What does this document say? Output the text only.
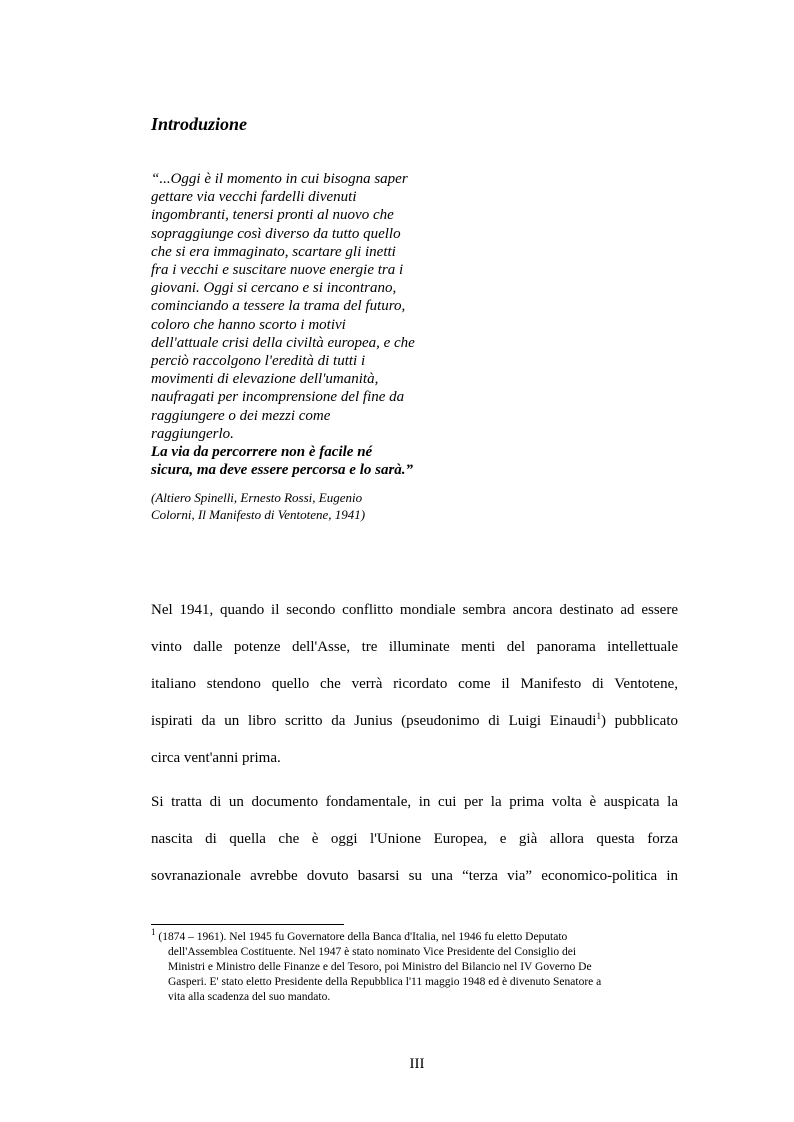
Introduzione
“...Oggi è il momento in cui bisogna saper
gettare via vecchi fardelli divenuti
ingombranti, tenersi pronti al nuovo che
sopraggiunge così diverso da tutto quello
che si era immaginato, scartare gli inetti
fra i vecchi e suscitare nuove energie tra i
giovani. Oggi si cercano e si incontrano,
cominciando a tessere la trama del futuro,
coloro che hanno scorto i motivi
dell'attuale crisi della civiltà europea, e che
perciò raccolgono l'eredità di tutti i
movimenti di elevazione dell'umanità,
naufragati per incomprensione del fine da
raggiungere o dei mezzi come
raggiungerlo.
La via da percorrere non è facile né
sicura, ma deve essere percorsa e lo sarà.”
(Altiero Spinelli, Ernesto Rossi, Eugenio
Colorni, Il Manifesto di Ventotene, 1941)
Nel 1941, quando il secondo conflitto mondiale sembra ancora destinato ad essere
vinto dalle potenze dell'Asse, tre illuminate menti del panorama intellettuale
italiano stendono quello che verrà ricordato come il Manifesto di Ventotene,
ispirati da un libro scritto da Junius (pseudonimo di Luigi Einaudi$^1$) pubblicato
circa vent'anni prima.
Si tratta di un documento fondamentale, in cui per la prima volta è auspicata la
nascita di quella che è oggi l'Unione Europea, e già allora questa forza
sovranazionale avrebbe dovuto basarsi su una “terza via” economico-politica in
$^1$ (1874 – 1961). Nel 1945 fu Governatore della Banca d'Italia, nel 1946 fu eletto Deputato
dell'Assemblea Costituente. Nel 1947 è stato nominato Vice Presidente del Consiglio dei
Ministri e Ministro delle Finanze e del Tesoro, poi Ministro del Bilancio nel IV Governo De
Gasperi. E' stato eletto Presidente della Repubblica l'11 maggio 1948 ed è divenuto Senatore a
vita alla scadenza del suo mandato.
III
